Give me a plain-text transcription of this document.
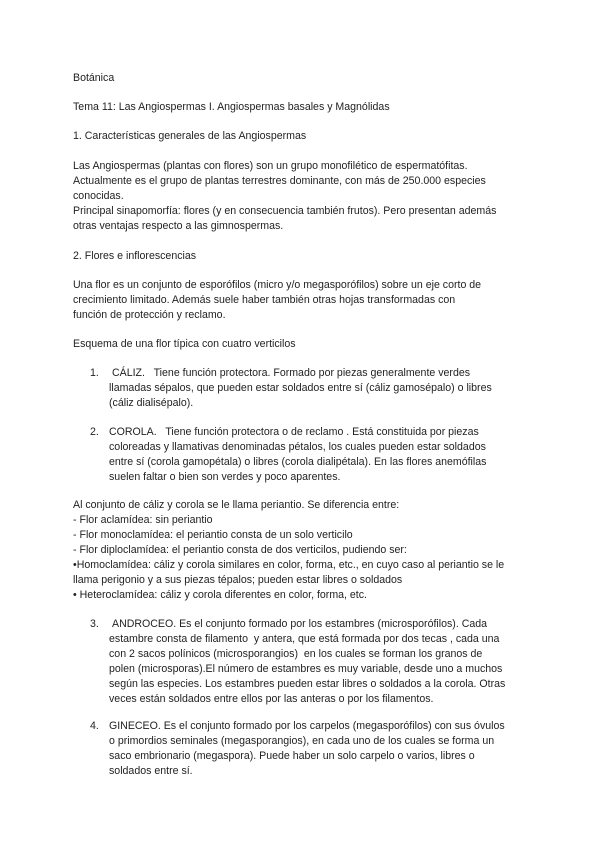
Botánica
Tema 11: Las Angiospermas I. Angiospermas basales y Magnólidas
1. Características generales de las Angiospermas
Las Angiospermas (plantas con flores) son un grupo monofilético de espermatófitas.
Actualmente es el grupo de plantas terrestres dominante, con más de 250.000 especies
conocidas.
Principal sinapomorfía: flores (y en consecuencia también frutos). Pero presentan además
otras ventajas respecto a las gimnospermas.
2. Flores e inflorescencias
Una flor es un conjunto de esporófilos (micro y/o megasporófilos) sobre un eje corto de
crecimiento limitado. Además suele haber también otras hojas transformadas con
función de protección y reclamo.
Esquema de una flor típica con cuatro verticilos
1. CÁLIZ.   Tiene función protectora. Formado por piezas generalmente verdes
llamadas sépalos, que pueden estar soldados entre sí (cáliz gamosépalo) o libres
(cáliz dialisépalo).
2. COROLA.   Tiene función protectora o de reclamo . Está constituida por piezas
coloreadas y llamativas denominadas pétalos, los cuales pueden estar soldados
entre sí (corola gamopétala) o libres (corola dialipétala). En las flores anemófilas
suelen faltar o bien son verdes y poco aparentes.
Al conjunto de cáliz y corola se le llama periantio. Se diferencia entre:
- Flor aclamídea: sin periantio
- Flor monoclamídea: el periantio consta de un solo verticilo
- Flor diploclamídea: el periantio consta de dos verticilos, pudiendo ser:
•Homoclamídea: cáliz y corola similares en color, forma, etc., en cuyo caso al periantio se le
llama perigonio y a sus piezas tépalos; pueden estar libres o soldados
• Heteroclamídea: cáliz y corola diferentes en color, forma, etc.
3. ANDROCEO. Es el conjunto formado por los estambres (microsporófilos). Cada
estambre consta de filamento  y antera, que está formada por dos tecas , cada una
con 2 sacos polínicos (microsporangios)  en los cuales se forman los granos de
polen (microsporas).El número de estambres es muy variable, desde uno a muchos
según las especies. Los estambres pueden estar libres o soldados a la corola. Otras
veces están soldados entre ellos por las anteras o por los filamentos.
4. GINECEO. Es el conjunto formado por los carpelos (megasporófilos) con sus óvulos
o primordios seminales (megasporangios), en cada uno de los cuales se forma un
saco embrionario (megaspora). Puede haber un solo carpelo o varios, libres o
soldados entre sí.
